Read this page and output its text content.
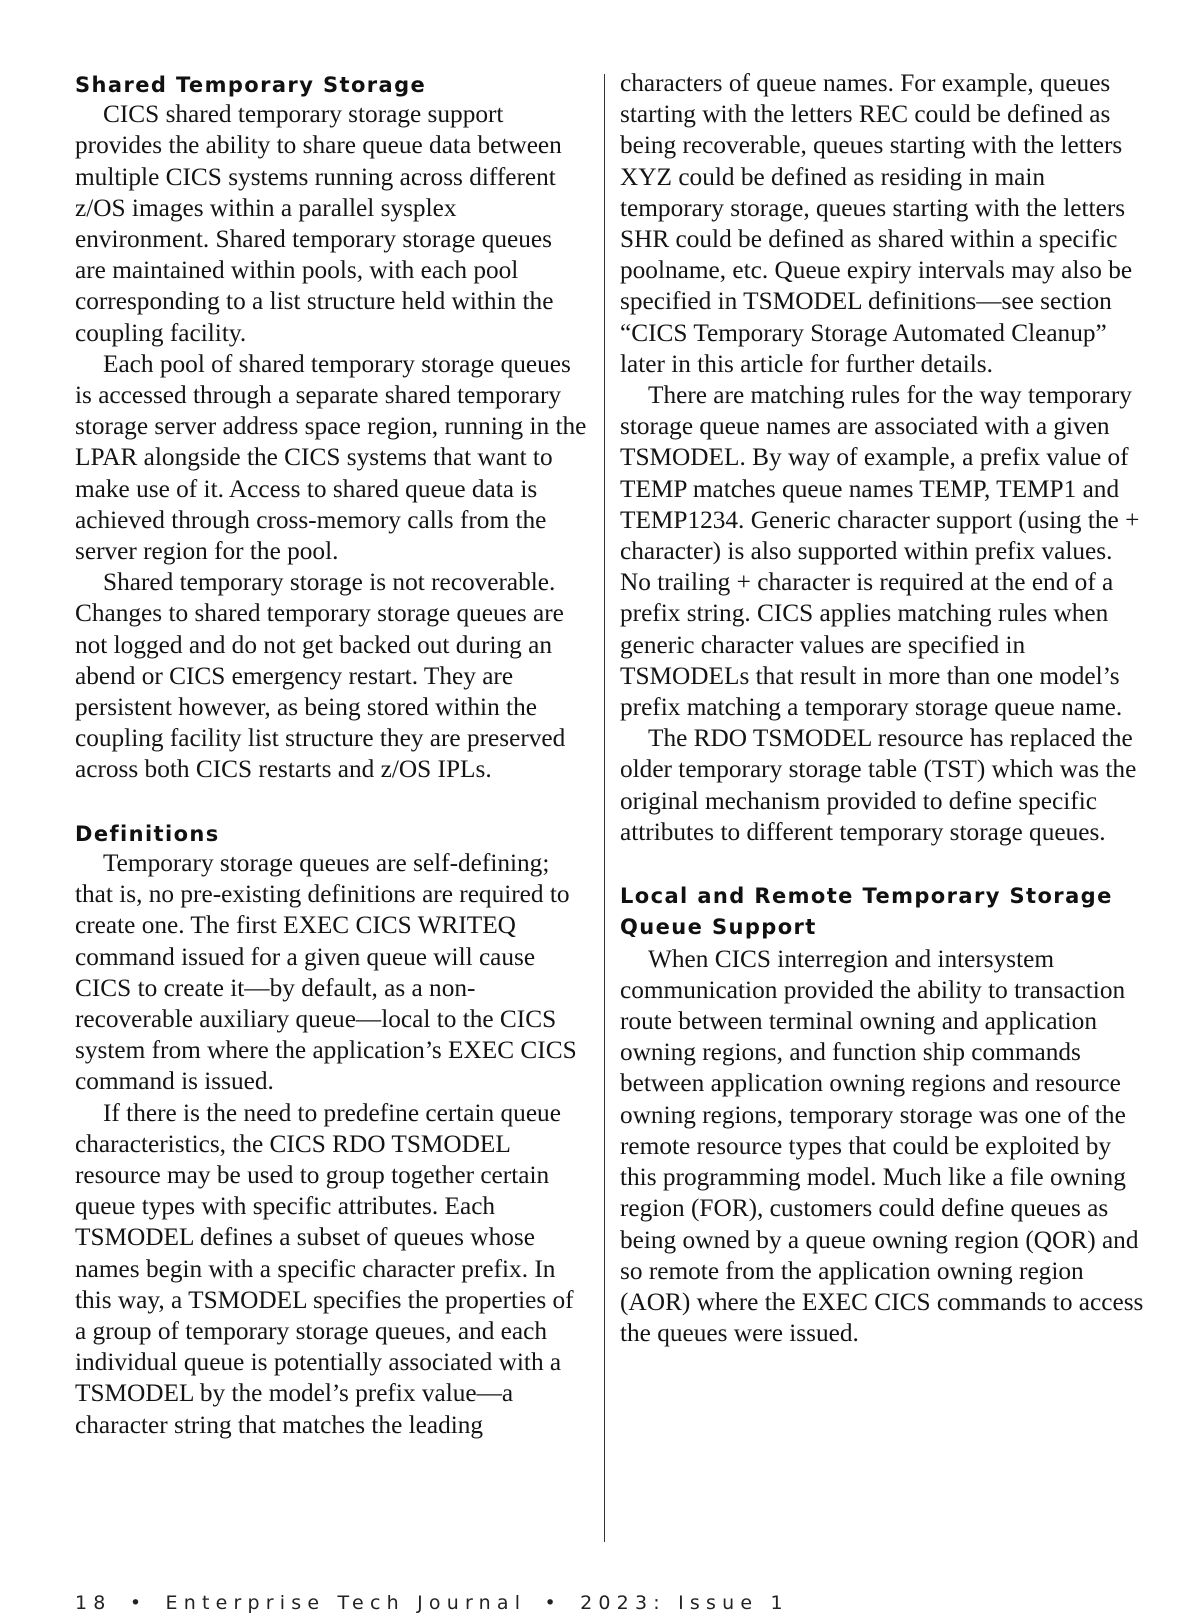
Shared Temporary Storage

CICS shared temporary storage support provides the ability to share queue data between multiple CICS systems running across different z/OS images within a parallel sysplex environment. Shared temporary storage queues are maintained within pools, with each pool corresponding to a list structure held within the coupling facility.

Each pool of shared temporary storage queues is accessed through a separate shared temporary storage server address space region, running in the LPAR alongside the CICS systems that want to make use of it. Access to shared queue data is achieved through cross-memory calls from the server region for the pool.

Shared temporary storage is not recoverable. Changes to shared temporary storage queues are not logged and do not get backed out during an abend or CICS emergency restart. They are persistent however, as being stored within the coupling facility list structure they are preserved across both CICS restarts and z/OS IPLs.

Definitions

Temporary storage queues are self-defining; that is, no pre-existing definitions are required to create one. The first EXEC CICS WRITEQ command issued for a given queue will cause CICS to create it—by default, as a non-recoverable auxiliary queue—local to the CICS system from where the application’s EXEC CICS command is issued.

If there is the need to predefine certain queue characteristics, the CICS RDO TSMODEL resource may be used to group together certain queue types with specific attributes. Each TSMODEL defines a subset of queues whose names begin with a specific character prefix. In this way, a TSMODEL specifies the properties of a group of temporary storage queues, and each individual queue is potentially associated with a TSMODEL by the model’s prefix value—a character string that matches the leading

characters of queue names. For example, queues starting with the letters REC could be defined as being recoverable, queues starting with the letters XYZ could be defined as residing in main temporary storage, queues starting with the letters SHR could be defined as shared within a specific poolname, etc. Queue expiry intervals may also be specified in TSMODEL definitions—see section “CICS Temporary Storage Automated Cleanup” later in this article for further details.

There are matching rules for the way temporary storage queue names are associated with a given TSMODEL. By way of example, a prefix value of TEMP matches queue names TEMP, TEMP1 and TEMP1234. Generic character support (using the + character) is also supported within prefix values. No trailing + character is required at the end of a prefix string. CICS applies matching rules when generic character values are specified in TSMODELs that result in more than one model’s prefix matching a temporary storage queue name.

The RDO TSMODEL resource has replaced the older temporary storage table (TST) which was the original mechanism provided to define specific attributes to different temporary storage queues.

Local and Remote Temporary Storage Queue Support

When CICS interregion and intersystem communication provided the ability to transaction route between terminal owning and application owning regions, and function ship commands between application owning regions and resource owning regions, temporary storage was one of the remote resource types that could be exploited by this programming model. Much like a file owning region (FOR), customers could define queues as being owned by a queue owning region (QOR) and so remote from the application owning region (AOR) where the EXEC CICS commands to access the queues were issued.

18 • Enterprise Tech Journal • 2023: Issue 1
